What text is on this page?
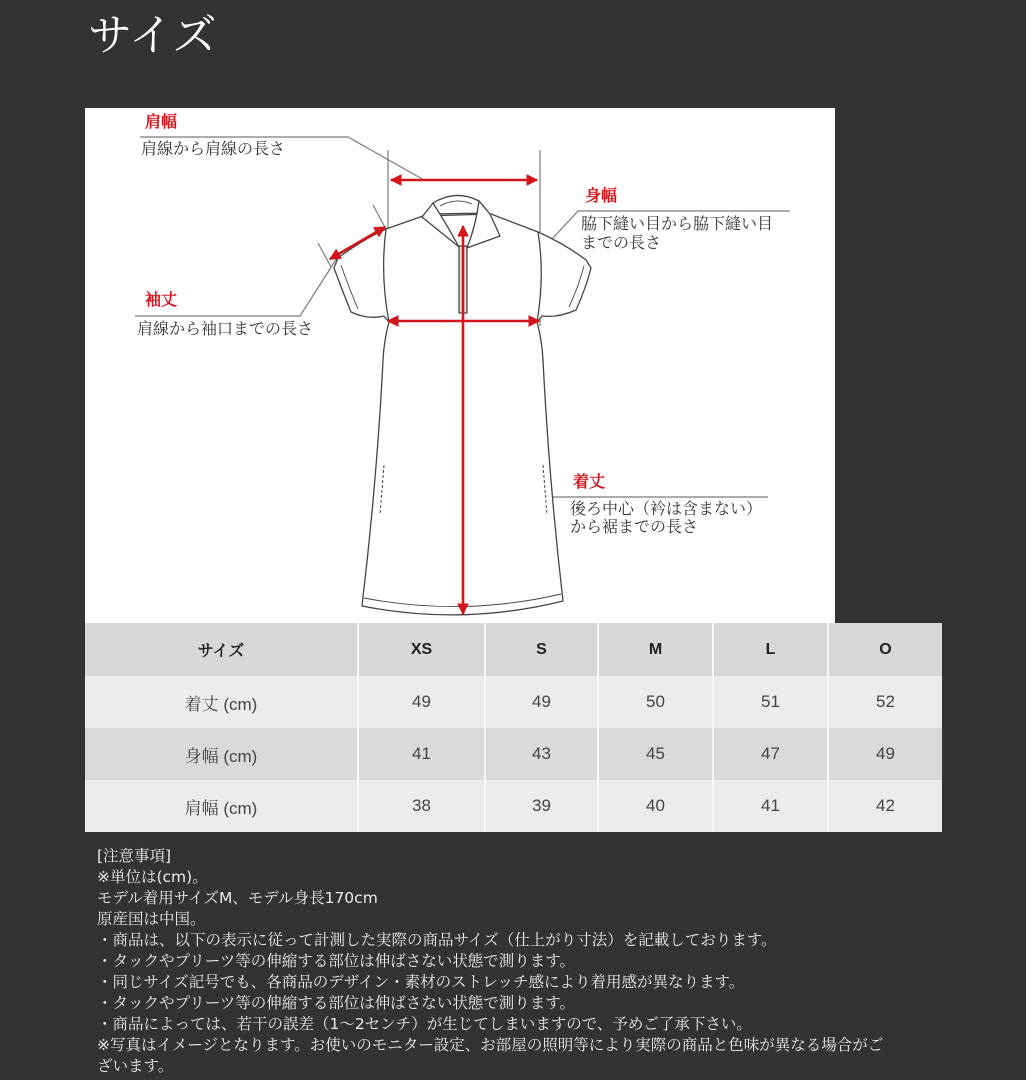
サイズ
肩幅
肩線から肩線の長さ
身幅
脇下縫い目から脇下縫い目
までの長さ
袖丈
肩線から袖口までの長さ
着丈
後ろ中心（衿は含まない）
から裾までの長さ
サイズ	XS	S	M	L	O
着丈 (cm)	49	49	50	51	52
身幅 (cm)	41	43	45	47	49
肩幅 (cm)	38	39	40	41	42
[注意事項]
※単位は(cm)。
モデル着用サイズM、モデル身長170cm
原産国は中国。
・商品は、以下の表示に従って計測した実際の商品サイズ（仕上がり寸法）を記載しております。
・タックやプリーツ等の伸縮する部位は伸ばさない状態で測ります。
・同じサイズ記号でも、各商品のデザイン・素材のストレッチ感により着用感が異なります。
・タックやプリーツ等の伸縮する部位は伸ばさない状態で測ります。
・商品によっては、若干の誤差（1〜2センチ）が生じてしまいますので、予めご了承下さい。
※写真はイメージとなります。お使いのモニター設定、お部屋の照明等により実際の商品と色味が異なる場合がご
ざいます。
